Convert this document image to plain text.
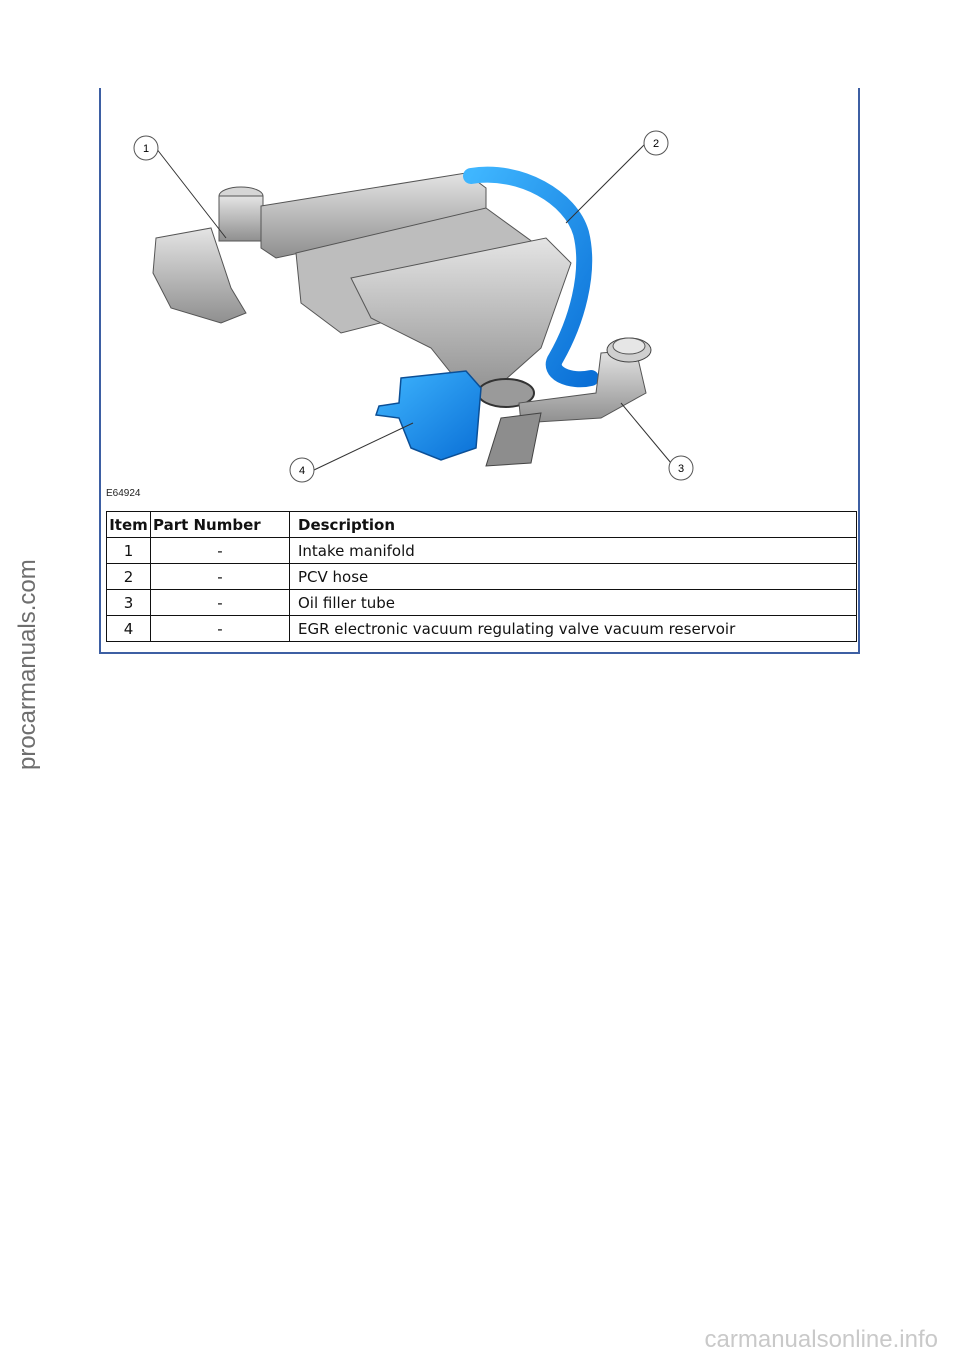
procarmanuals.com
1	2
3
4
E64924
Item	Part Number	Description
1	-	Intake manifold
2	-	PCV hose
3	-	Oil filler tube
4	-	EGR electronic vacuum regulating valve vacuum reservoir
carmanualsonline.info
